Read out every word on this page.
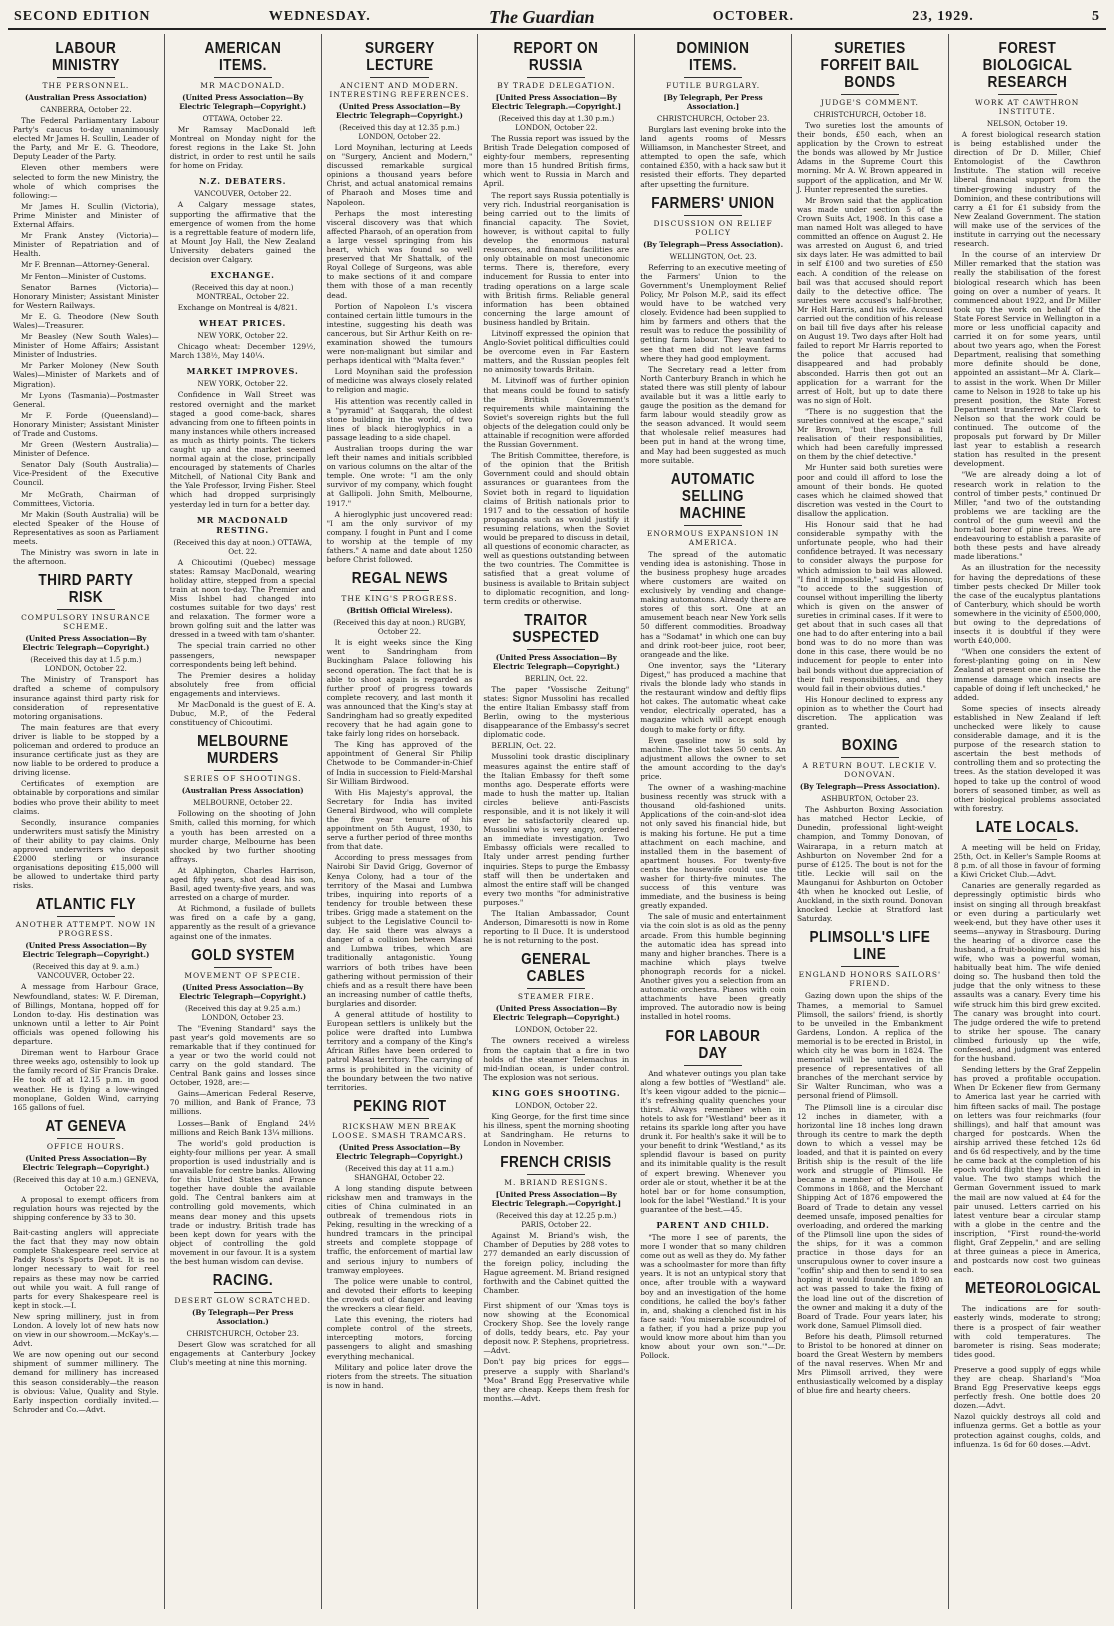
SECOND EDITION	WEDNESDAY.	The Guardian	OCTOBER.	23, 1929.	5
LABOUR MINISTRY
THE PERSONNEL.
(Australian Press Association)
CANBERRA, October 22.

The Federal Parliamentary Labour Party's caucus to-day unanimously elected Mr James H. Scullin, Leader of the Party, and Mr E. G. Theodore, Deputy Leader of the Party.

Eleven other members were selected to form the new Ministry, the whole of which comprises the following:—

Mr James H. Scullin (Victoria), Prime Minister and Minister of External Affairs.

Mr Frank Anstey (Victoria)—Minister of Repatriation and of Health.

Mr F. Brennan—Attorney-General.

Mr Fenton—Minister of Customs.

Senator Barnes (Victoria)—Honorary Minister; Assistant Minister for Western Railways.

Mr E. G. Theodore (New South Wales)—Treasurer.

Mr Beasley (New South Wales)—Minister of Home Affairs; Assistant Minister of Industries.

Mr Parker Moloney (New South Wales)—Minister of Markets and of Migration).

Mr Lyons (Tasmania)—Postmaster General.

Mr F. Forde (Queensland)—Honorary Minister; Assistant Minister of Trade and Customs.

Mr Green (Western Australia)—Minister of Defence.

Senator Daly (South Australia)—Vice-President of the Executive Council.

Mr McGrath, Chairman of Committees, Victoria.

Mr Makin (South Australia) will be elected Speaker of the House of Representatives as soon as Parliament meets.

The Ministry was sworn in late in the afternoon.

THIRD PARTY RISK
COMPULSORY INSURANCE SCHEME.
(United Press Association—By Electric Telegraph—Copyright.)
(Received this day at 1.5 p.m.) LONDON, October 22.

The Ministry of Transport has drafted a scheme of compulsory insurance against third party risk for consideration of representative motoring organisations.

The main features are that every driver is liable to be stopped by a policeman and ordered to produce an insurance certificate just as they are now liable to be ordered to produce a driving license.

Certificates of exemption are obtainable by corporations and similar bodies who prove their ability to meet claims.

Secondly, insurance companies underwriters must satisfy the Ministry of their ability to pay claims. Only approved underwriters who deposit £2000 sterling or insurance organisations depositing £15,000 will be allowed to undertake third party risks.

ATLANTIC FLY
ANOTHER ATTEMPT. NOW IN PROGRESS.
(United Press Association—By Electric Telegraph—Copyright.)
(Received this day at 9. a.m.) VANCOUVER, October 22.

A message from Harbour Grace, Newfoundland, states: W. F. Direman, of Billings, Montana, hopped off for London to-day. His destination was unknown until a letter to Air Point officials was opened following his departure.

Direman went to Harbour Grace three weeks ago, ostensibly to look up the family record of Sir Francis Drake. He took off at 12.15 p.m. in good weather. He is flying a low-winged monoplane, Golden Wind, carrying 165 gallons of fuel.

AT GENEVA
OFFICE HOURS.
(United Press Association—By Electric Telegraph—Copyright.)
(Received this day at 10 a.m.) GENEVA, October 22.

A proposal to exempt officers from regulation hours was rejected by the shipping conference by 33 to 30.

Bait-casting anglers will appreciate the fact that they may now obtain complete Shakespeare reel service at Paddy Ross's Sports Depot. It is no longer necessary to wait for reel repairs as these may now be carried out while you wait. A full range of parts for every Shakespeare reel is kept in stock.—I.

New spring millinery, just in from London. A lovely lot of new hats now on view in our showroom.—McKay's.—Advt.

We are now opening out our second shipment of summer millinery. The demand for millinery has increased this season considerably—the reason is obvious: Value, Quality and Style. Early inspection cordially invited.—Schroder and Co.—Advt.

AMERICAN ITEMS.
MR MACDONALD.
(United Press Association—By Electric Telegraph—Copyright.)
OTTAWA, October 22.

Mr Ramsay MacDonald left Montreal on Monday night for the forest regions in the Lake St. John district, in order to rest until he sails for home on Friday.

N.Z. DEBATERS.
VANCOUVER, October 22.

A Calgary message states, supporting the affirmative that the emergence of women from the home is a regrettable feature of modern life, at Mount Joy Hall, the New Zealand University debaters gained the decision over Calgary.

EXCHANGE.
(Received this day at noon.) MONTREAL, October 22.

Exchange on Montreal is 4/821.

WHEAT PRICES.
NEW YORK, October 22.

Chicago wheat: December 129½, March 138½, May 140¼.

MARKET IMPROVES.
NEW YORK, October 22.

Confidence in Wall Street was restored overnight and the market staged a good come-back, shares advancing from one to fifteen points in many instances while others increased as much as thirty points. The tickers caught up and the market seemed normal again at the close, principally encouraged by statements of Charles Mitchell, of National City Bank and the Yale Professor, Irving Fisher. Steel which had dropped surprisingly yesterday led in turn for a better day.

MR MACDONALD RESTING.
(Received this day at noon.) OTTAWA, Oct. 22.

A Chicoutimi (Quebec) message states: Ramsay MacDonald, wearing holiday attire, stepped from a special train at noon to-day. The Premier and Miss Ishbel had changed into costumes suitable for two days' rest and relaxation. The former wore a brown golfing suit and the latter was dressed in a tweed with tam o'shanter.

The special train carried no other passengers, newspaper correspondents being left behind.

The Premier desires a holiday absolutely free from official engagements and interviews.

Mr MacDonald is the guest of E. A. Dubuc, M.P., of the Federal constituency of Chicoutimi.

MELBOURNE MURDERS
SERIES OF SHOOTINGS.
(Australian Press Association)
MELBOURNE, October 22.

Following on the shooting of John Smith, called this morning, for which a youth has been arrested on a murder charge, Melbourne has been shocked by two further shooting affrays.

At Alphington, Charles Harrison, aged fifty years, shot dead his son, Basil, aged twenty-five years, and was arrested on a charge of murder.

At Richmond, a fusilade of bullets was fired on a cafe by a gang, apparently as the result of a grievance against one of the inmates.

GOLD SYSTEM
MOVEMENT OF SPECIE.
(United Press Association—By Electric Telegraph—Copyright.)
(Received this day at 9.25 a.m.) LONDON, October 23.

The "Evening Standard" says the past year's gold movements are so remarkable that if they continued for a year or two the world could not carry on the gold standard. The Central Bank gains and losses since October, 1928, are:—

Gains—American Federal Reserve, 70 million, and Bank of France, 73 millions.

Losses—Bank of England 24½ millions and Reich Bank 13¼ millions.

The world's gold production is eighty-four millions per year. A small proportion is used industrially and is unavailable for centre banks. Allowing for this United States and France together have double the available gold. The Central bankers aim at controlling gold movements, which means dear money and this upsets trade or industry. British trade has been kept down for years with the object of controlling the gold movement in our favour. It is a system the best human wisdom can devise.

RACING.
DESERT GLOW SCRATCHED.
(By Telegraph—Per Press Association.)
CHRISTCHURCH, October 23.

Desert Glow was scratched for all engagements at Canterbury Jockey Club's meeting at nine this morning.

SURGERY LECTURE
ANCIENT AND MODERN. INTERESTING REFERENCES.
(United Press Association—By Electric Telegraph—Copyright.)
(Received this day at 12.35 p.m.) LONDON, October 22.

Lord Moynihan, lecturing at Leeds on "Surgery, Ancient and Modern," discussed remarkable surgical opinions a thousand years before Christ, and actual anatomical remains of Pharaoh and Moses time and Napoleon.

Perhaps the most interesting visceral discovery was that which affected Pharaoh, of an operation from a large vessel springing from his heart, which was found so well preserved that Mr Shattalk, of the Royal College of Surgeons, was able to make sections of it and compare them with those of a man recently dead.

Portion of Napoleon I.'s viscera contained certain little tumours in the intestine, suggesting his death was cancerous, but Sir Arthur Keith on re-examination showed the tumours were non-malignant but similar and perhaps identical with "Malta fever."

Lord Moynihan said the profession of medicine was always closely related to religion and magic.

His attention was recently called in a "pyramid" at Saqqarah, the oldest stone building in the world, of two lines of black hieroglyphics in a passage leading to a side chapel.

Australian troops during the war left their names and initials scribbled on various columns on the altar of the temple. One wrote: "I am the only survivor of my company, which fought at Gallipoli. John Smith, Melbourne, 1917."

A hieroglyphic just uncovered read: "I am the only survivor of my company. I fought in Punt and I come to worship at the temple of my fathers." A name and date about 1250 before Christ followed.

REGAL NEWS
THE KING'S PROGRESS.
(British Official Wireless).
(Received this day at noon.) RUGBY, October 22.

It is eight weeks since the King went to Sandringham from Buckingham Palace following his second operation. The fact that he is able to shoot again is regarded as further proof of progress towards complete recovery, and last month it was announced that the King's stay at Sandringham had so greatly expedited recovery that he had again gone to take fairly long rides on horseback.

The King has approved of the appointment of General Sir Philip Chetwode to be Commander-in-Chief of India in succession to Field-Marshal Sir William Birdwood.

With His Majesty's approval, the Secretary for India has invited General Birdwood, who will complete the five year tenure of his appointment on 5th August, 1930, to serve a further period of three months from that date.

According to press messages from Nairobi Sir David Grigg, Governor of Kenya Colony, had a tour of the territory of the Masai and Lumbwa tribes, inquiring into reports of a tendency for trouble between these tribes. Grigg made a statement on the subject to the Legislative Council to-day. He said there was always a danger of a collision between Masai and Lumbwa tribes, which are traditionally antagonistic. Young warriors of both tribes have been gathering without permission of their chiefs and as a result there have been an increasing number of cattle thefts, burglaries and disorder.

A general attitude of hostility to European settlers is unlikely but the police were drafted into Lumbwa territory and a company of the King's African Rifles have been ordered to patrol Masai territory. The carrying of arms is prohibited in the vicinity of the boundary between the two native territories.

PEKING RIOT
RICKSHAW MEN BREAK LOOSE. SMASH TRAMCARS.
(United Press Association—By Electric Telegraph—Copyright.)
(Received this day at 11 a.m.) SHANGHAI, October 22.

A long standing dispute between rickshaw men and tramways in the cities of China culminated in an outbreak of tremendous riots in Peking, resulting in the wrecking of a hundred tramcars in the principal streets and complete stoppage of traffic, the enforcement of martial law and serious injury to numbers of tramway employees.

The police were unable to control, and devoted their efforts to keeping the crowds out of danger and leaving the wreckers a clear field.

Late this evening, the rioters had complete control of the streets, intercepting motors, forcing passengers to alight and smashing everything mechanical.

Military and police later drove the rioters from the streets. The situation is now in hand.

REPORT ON RUSSIA
BY TRADE DELEGATION.
[United Press Association—By Electric Telegraph.—Copyright.]
(Received this day at 1.30 p.m.) LONDON, October 22.

The Russia report was issued by the British Trade Delegation composed of eighty-four members, representing more than 15 hundred British firms, which went to Russia in March and April.

The report says Russia potentially is very rich. Industrial reorganisation is being carried out to the limits of financial capacity. The Soviet, however, is without capital to fully develop the enormous natural resources, and financial facilities are only obtainable on most uneconomic terms. There is, therefore, every inducement for Russia to enter into trading operations on a large scale with British firms. Reliable general information has been obtained concerning the large amount of business handled by Britain.

Litvinoff expressed the opinion that Anglo-Soviet political difficulties could be overcome even in Far Eastern matters, and the Russian peoples felt no animosity towards Britain.

M. Litvinoff was of further opinion that means could be found to satisfy the British Government's requirements while maintaining the Soviet's sovereign rights but the full objects of the delegation could only be attainable if recognition were afforded the Russian Government.

The British Committee, therefore, is of the opinion that the British Government could and should obtain assurances or guarantees from the Soviet both in regard to liquidation claims of British nationals prior to 1917 and to the cessation of hostile propaganda such as would justify it resuming relations, when the Soviet would be prepared to discuss in detail, all questions of economic character, as well as questions outstanding between the two countries. The Committee is satisfied that a great volume of business is available to Britain subject to diplomatic recognition, and long-term credits or otherwise.

TRAITOR SUSPECTED
(United Press Association—By Electric Telegraph—Copyright.)
BERLIN, Oct. 22.

The paper "Vossische Zeitung" states: Signor Mussolini has recalled the entire Italian Embassy staff from Berlin, owing to the mysterious disappearance of the Embassy's secret diplomatic code.

BERLIN, Oct. 22.

Mussolini took drastic disciplinary measures against the entire staff of the Italian Embassy for theft some months ago. Desperate efforts were made to hush the matter up. Italian circles believe anti-Fascists responsible, and it is not likely it will ever be satisfactorily cleared up. Mussolini who is very angry, ordered an immediate investigation. Two Embassy officials were recalled to Italy under arrest pending further inquiries. Steps to purge the Embassy staff will then be undertaken and almost the entire staff will be changed every two months "for administrative purposes."

The Italian Ambassador, Count Anderson, Dimaresotti is now in Rome reporting to Il Duce. It is understood he is not returning to the post.

GENERAL CABLES
STEAMER FIRE.
(United Press Association—By Electric Telegraph—Copyright.)
LONDON, October 22.

The owners received a wireless from the captain that a fire in two holds of the steamer Telemachus in mid-Indian ocean, is under control. The explosion was not serious.

KING GOES SHOOTING.
LONDON, October 22.

King George, for the first time since his illness, spent the morning shooting at Sandringham. He returns to London in November.

FRENCH CRISIS
M. BRIAND RESIGNS.
[United Press Association—By Electric Telegraph.—Copyright.]
(Received this day at 12.25 p.m.) PARIS, October 22.

Against M. Briand's wish, the Chamber of Deputies by 288 votes to 277 demanded an early discussion of the foreign policy, including the Hague agreement. M. Briand resigned forthwith and the Cabinet quitted the Chamber.

First shipment of our 'Xmas toys is now showing at the Economical Crockery Shop. See the lovely range of dolls, teddy bears, etc. Pay your deposit now. P. Stephens, proprietress.—Advt.

Don't pay big prices for eggs—preserve a supply with Sharland's "Moa" Brand Egg Preservative while they are cheap. Keeps them fresh for months.—Advt.

DOMINION ITEMS.
FUTILE BURGLARY.
[By Telegraph, Per Press Association.]
CHRISTCHURCH, October 23.

Burglars last evening broke into the land agents rooms of Messrs Williamson, in Manchester Street, and attempted to open the safe, which contained £350, with a hack saw but it resisted their efforts. They departed after upsetting the furniture.

FARMERS' UNION
DISCUSSION ON RELIEF POLICY
(By Telegraph—Press Association).
WELLINGTON, Oct. 23.

Referring to an executive meeting of the Farmers' Union to the Government's Unemployment Relief Policy, Mr Polson M.P., said its effect would have to be watched very closely. Evidence had been supplied to him by farmers and others that the result was to reduce the possibility of getting farm labour. They wanted to see that men did not leave farms where they had good employment.

The Secretary read a letter from North Canterbury Branch in which he stated there was still plenty of labour available but it was a little early to gauge the position as the demand for farm labour would steadily grow as the season advanced. It would seem that wholesale relief measures had been put in hand at the wrong time, and May had been suggested as much more suitable.

AUTOMATIC SELLING MACHINE
ENORMOUS EXPANSION IN AMERICA.

The spread of the automatic vending idea is astonishing. Those in the business prophesy huge arcades where customers are waited on exclusively by vending and change-making automatons. Already there are stores of this sort. One at an amusement beach near New York sells 50 different commodities. Broadway has a "Sodamat" in which one can buy and drink root-beer juice, root beer, orangeade and the like.

One inventor, says the "Literary Digest," has produced a machine that rivals the blonde lady who stands in the restaurant window and deftly flips hot cakes. The automatic wheat cake vendor, electrically operated, has a magazine which will accept enough dough to make forty or fifty.

Even gasoline now is sold by machine. The slot takes 50 cents. An adjustment allows the owner to set the amount according to the day's price.

The owner of a washing-machine business recently was struck with a thousand old-fashioned units. Applications of the coin-and-slot idea not only saved his financial hide, but is making his fortune. He put a time attachment on each machine, and installed them in the basement of apartment houses. For twenty-five cents the housewife could use the washer for thirty-five minutes. The success of this venture was immediate, and the business is being greatly expanded.

The sale of music and entertainment via the coin slot is as old as the penny arcade. From this humble beginning the automatic idea has spread into many and higher branches. There is a machine which plays twelve phonograph records for a nickel. Another gives you a selection from an automatic orchestra. Pianos with coin attachments have been greatly improved. The autoradio now is being installed in hotel rooms.

FOR LABOUR DAY

And whatever outings you plan take along a few bottles of "Westland" ale. It's keen vigour added to the picnic—it's refreshing quality quenches your thirst. Always remember when in hotels to ask for "Westland" beer as it retains its sparkle long after you have drunk it. For health's sake it will be to your benefit to drink "Westland," as its splendid flavour is based on purity and its inimitable quality is the result of expert brewing. Whenever you order ale or stout, whether it be at the hotel bar or for home consumption, look for the label "Westland." It is your guarantee of the best.—45.

PARENT AND CHILD.

"The more I see of parents, the more I wonder that so many children come out as well as they do. My father was a schoolmaster for more than fifty years. It is not an untypical story that once, after trouble with a wayward boy and an investigation of the home conditions, he called the boy's father in, and, shaking a clenched fist in his face said: 'You miserable scoundrel of a father, if you had a prize pup you would know more about him than you know about your own son.'"—Dr. Pollock.

SURETIES FORFEIT BAIL BONDS
JUDGE'S COMMENT.
CHRISTCHURCH, October 18.

Two sureties lost the amounts of their bonds, £50 each, when an application by the Crown to estreat the bonds was allowed by Mr Justice Adams in the Supreme Court this morning. Mr A. W. Brown appeared in support of the application, and Mr W. J. Hunter represented the sureties.

Mr Brown said that the application was made under section 5 of the Crown Suits Act, 1908. In this case a man named Holt was alleged to have committed an offence on August 2. He was arrested on August 6, and tried six days later. He was admitted to bail in self £100 and two sureties of £50 each. A condition of the release on bail was that accused should report daily to the detective office. The sureties were accused's half-brother, Mr Holt Harris, and his wife. Accused carried out the condition of his release on bail till five days after his release on August 19. Two days after Holt had failed to report Mr Harris reported to the police that accused had disappeared and had probably absconded. Harris then got out an application for a warrant for the arrest of Holt, but up to date there was no sign of Holt.

"There is no suggestion that the sureties connived at the escape," said Mr Brown, "but they had a full realisation of their responsibilities, which had been carefully impressed on them by the chief detective."

Mr Hunter said both sureties were poor and could ill afford to lose the amount of their bonds. He quoted cases which he claimed showed that discretion was vested in the Court to disallow the application.

His Honour said that he had considerable sympathy with the unfortunate people, who had their confidence betrayed. It was necessary to consider always the purpose for which admission to bail was allowed. "I find it impossible," said His Honour, "to accede to the suggestion of counsel without imperilling the liberty which is given on the answer of sureties in criminal cases. If it were to get about that in such cases all that one had to do after entering into a bail bond was to do no more than was done in this case, there would be no inducement for people to enter into bail bonds without due appreciation of their full responsibilities, and they would fail in their obvious duties."

His Honour declined to express any opinion as to whether the Court had discretion. The application was granted.

BOXING
A RETURN BOUT. LECKIE V. DONOVAN.
(By Telegraph—Press Association).
ASHBURTON, October 23.

The Ashburton Boxing Association has matched Hector Leckie, of Dunedin, professional light-weight champion, and Tommy Donovan, of Wairarapa, in a return match at Ashburton on November 2nd for a purse of £125. The bout is not for the title. Leckie will sail on the Maunganui for Ashburton on October 4th when he knocked out Leslie, of Auckland, in the sixth round. Donovan knocked Leckie at Stratford last Saturday.

PLIMSOLL'S LIFE LINE
ENGLAND HONORS SAILORS' FRIEND.

Gazing down upon the ships of the Thames, a memorial to Samuel Plimsoll, the sailors' friend, is shortly to be unveiled in the Embankment Gardens, London. A replica of the memorial is to be erected in Bristol, in which city he was born in 1824. The memorial will be unveiled in the presence of representatives of all branches of the merchant service by Sir Walter Runciman, who was a personal friend of Plimsoll.

The Plimsoll line is a circular disc 12 inches in diameter, with a horizontal line 18 inches long drawn through its centre to mark the depth down to which a vessel may be loaded, and that it is painted on every British ship is the result of the life work and struggle of Plimsoll. He became a member of the House of Commons in 1868, and the Merchant Shipping Act of 1876 empowered the Board of Trade to detain any vessel deemed unsafe, imposed penalties for overloading, and ordered the marking of the Plimsoll line upon the sides of the ships, for it was a common practice in those days for an unscrupulous owner to cover insure a "coffin" ship and then to send it to sea hoping it would founder. In 1890 an act was passed to take the fixing of the load line out of the discretion of the owner and making it a duty of the Board of Trade. Four years later, his work done, Samuel Plimsoll died.

Before his death, Plimsoll returned to Bristol to be honored at dinner on board the Great Western by members of the naval reserves. When Mr and Mrs Plimsoll arrived, they were enthusiastically welcomed by a display of blue fire and hearty cheers.

FOREST BIOLOGICAL RESEARCH
WORK AT CAWTHRON INSTITUTE.
NELSON, October 19.

A forest biological research station is being established under the direction of Dr D. Miller, Chief Entomologist of the Cawthron Institute. The station will receive liberal financial support from the timber-growing industry of the Dominion, and these contributions will carry a £1 for £1 subsidy from the New Zealand Government. The station will make use of the services of the institute in carrying out the necessary research.

In the course of an interview Dr Miller remarked that the station was really the stabilisation of the forest biological research which has been going on over a number of years. It commenced about 1922, and Dr Miller took up the work on behalf of the State Forest Service in Wellington in a more or less unofficial capacity and carried it on for some years, until about two years ago, when the Forest Department, realising that something more definite should be done, appointed an assistant—Mr A. Clark—to assist in the work. When Dr Miller came to Nelson in 1928 to take up his present position, the State Forest Department transferred Mr Clark to Nelson so that the work could be continued. The outcome of the proposals put forward by Dr Miller last year to establish a research station has resulted in the present development.

"We are already doing a lot of research work in relation to the control of timber pests," continued Dr Miller, "and two of the outstanding problems we are tackling are the control of the gum weevil and the horn-tail borer of pine trees. We are endeavouring to establish a parasite of both these pests and have already made liberations."

As an illustration for the necessity for having the depredations of these timber pests checked Dr Miller took the case of the eucalyptus plantations of Canterbury, which should be worth somewhere in the vicinity of £500,000, but owing to the depredations of insects it is doubtful if they were worth £40,000.

"When one considers the extent of forest-planting going on in New Zealand at present one can realise the immense damage which insects are capable of doing if left unchecked," he added.

Some species of insects already established in New Zealand if left unchecked were likely to cause considerable damage, and it is the purpose of the research station to ascertain the best methods of controlling them and so protecting the trees. As the station developed it was hoped to take up the control of wood borers of seasoned timber, as well as other biological problems associated with forestry.

LATE LOCALS.

A meeting will be held on Friday, 25th, Oct. in Keller's Sample Rooms at 8 p.m. of all those in favour of forming a Kiwi Cricket Club.—Advt.

Canaries are generally regarded as depressingly optimistic birds who insist on singing all through breakfast or even during a particularly wet week-end, but they have other uses it seems—anyway in Strasbourg. During the hearing of a divorce case the husband, a fruit-booking man, said his wife, who was a powerful woman, habitually beat him. The wife denied doing so. The husband then told the judge that the only witness to these assaults was a canary. Every time his wife struck him this bird grew excited. The canary was brought into court. The judge ordered the wife to pretend to strike her spouse. The canary climbed furiously up the wife, confessed, and judgment was entered for the husband.

Sending letters by the Graf Zeppelin has proved a profitable occupation. When Dr Eckener flew from Germany to America last year he carried with him fifteen sacks of mail. The postage on letters was four reichmarks (four shillings), and half that amount was charged for postcards. When the airship arrived these fetched 12s 6d and 6s 6d respectively, and by the time he came back at the completion of his epoch world flight they had trebled in value. The two stamps which the German Government issued to mark the mail are now valued at £4 for the pair unused. Letters carried on his latest venture bear a circular stamp with a globe in the centre and the inscription, "First round-the-world flight, Graf Zeppelin," and are selling at three guineas a piece in America, and postcards now cost two guineas each.

METEOROLOGICAL

The indications are for south-easterly winds, moderate to strong; there is a prospect of fair weather with cold temperatures. The barometer is rising. Seas moderate; tides good.

Preserve a good supply of eggs while they are cheap. Sharland's "Moa Brand Egg Preservative keeps eggs perfectly fresh. One bottle does 20 dozen.—Advt.

Nazol quickly destroys all cold and influenza germs. Get a bottle as your protection against coughs, colds, and influenza. 1s 6d for 60 doses.—Advt.
